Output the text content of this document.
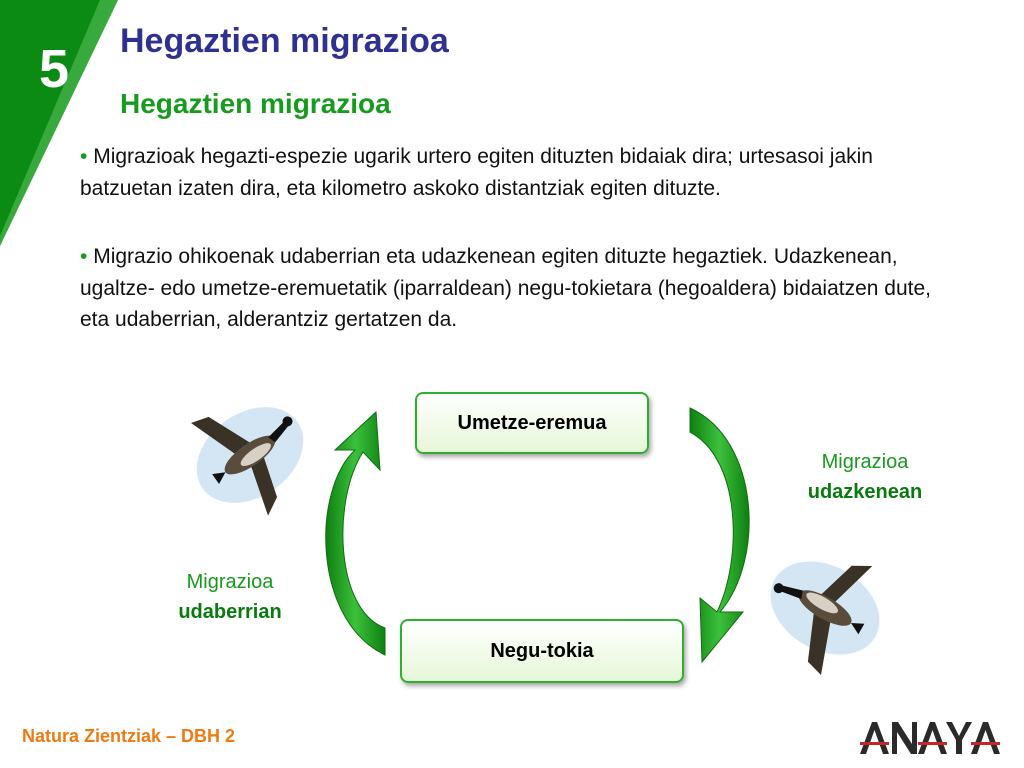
5 Hegaztien migrazioa
Hegaztien migrazioa
• Migrazioak hegazti-espezie ugarik urtero egiten dituzten bidaiak dira; urtesasoi jakin batzuetan izaten dira, eta kilometro askoko distantziak egiten dituzte.
• Migrazio ohikoenak udaberrian eta udazkenean egiten dituzte hegaztiek. Udazkenean, ugaltze- edo umetze-eremuetatik (iparraldean) negu-tokietara (hegoaldera) bidaiatzen dute, eta udaberrian, alderantziz gertatzen da.
Umetze-eremua
Negu-tokia
Migrazioa
udazkenean
Migrazioa
udaberrian
Natura Zientziak – DBH 2
